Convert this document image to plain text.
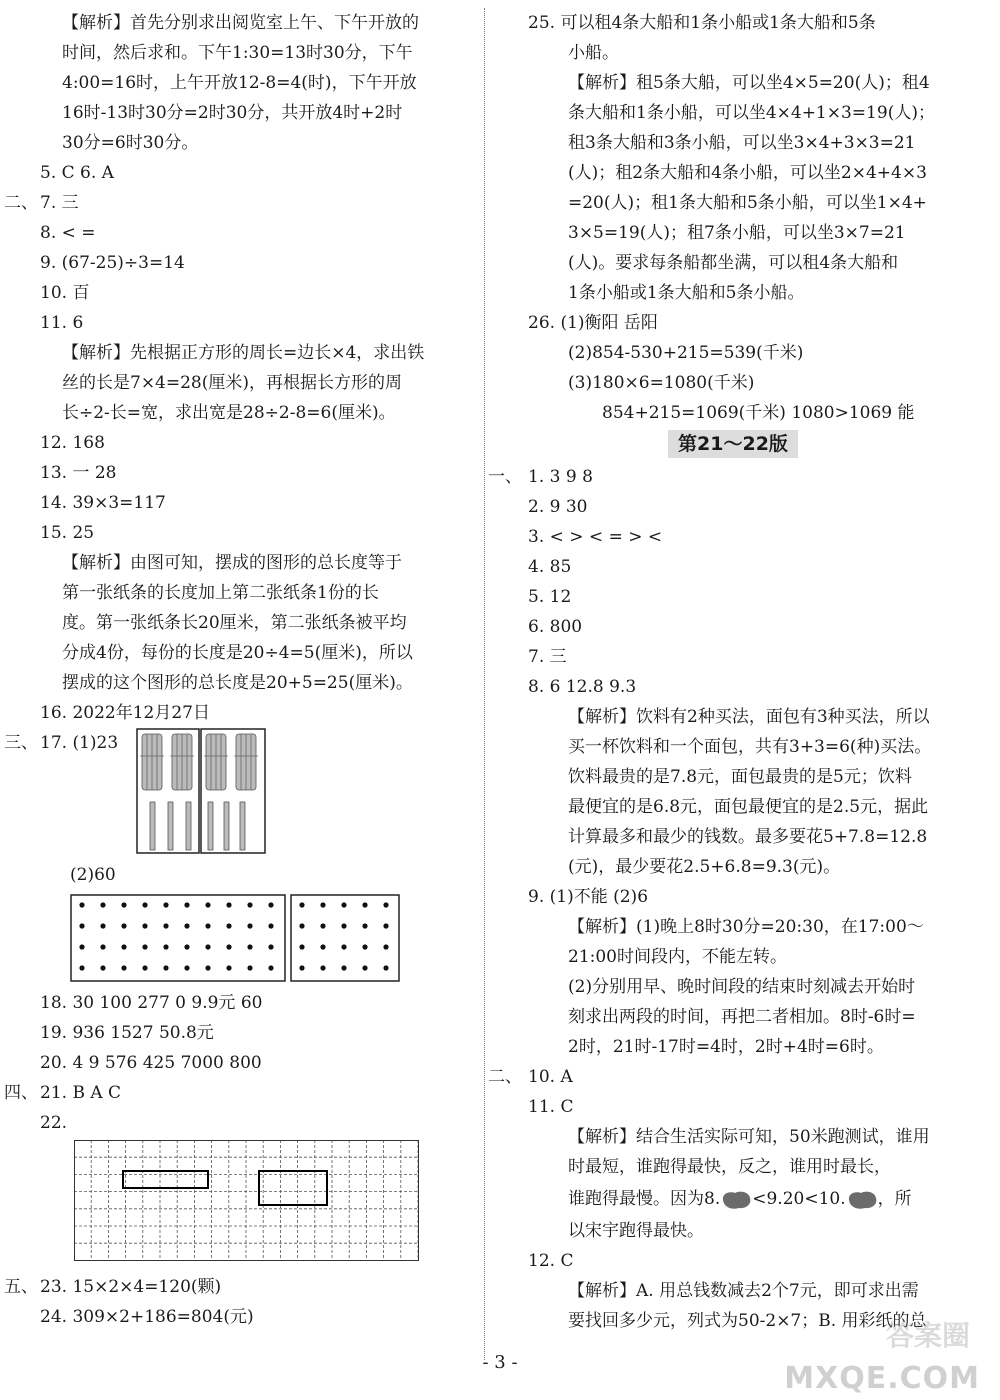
【解析】首先分别求出阅览室上午、下午开放的
时间，然后求和。下午1:30=13时30分，下午
4:00=16时，上午开放12-8=4(时)，下午开放
16时-13时30分=2时30分，共开放4时+2时
30分=6时30分。
5. C 6. A
二、 7. 三
8. < =
9. (67-25)÷3=14
10. 百
11. 6
【解析】先根据正方形的周长=边长×4，求出铁
丝的长是7×4=28(厘米)，再根据长方形的周
长÷2-长=宽，求出宽是28÷2-8=6(厘米)。
12. 168
13. 一 28
14. 39×3=117
15. 25
【解析】由图可知，摆成的图形的总长度等于
第一张纸条的长度加上第二张纸条1份的长
度。第一张纸条长20厘米，第二张纸条被平均
分成4份，每份的长度是20÷4=5(厘米)，所以
摆成的这个图形的总长度是20+5=25(厘米)。
16. 2022年12月27日
三、 17. (1)23
(2)60
18. 30 100 277 0 9.9元 60
19. 936 1527 50.8元
20. 4 9 576 425 7000 800
四、 21. B A C
22.
五、 23. 15×2×4=120(颗)
24. 309×2+186=804(元)
25. 可以租4条大船和1条小船或1条大船和5条
小船。
【解析】租5条大船，可以坐4×5=20(人)；租4
条大船和1条小船，可以坐4×4+1×3=19(人)；
租3条大船和3条小船，可以坐3×4+3×3=21
(人)；租2条大船和4条小船，可以坐2×4+4×3
=20(人)；租1条大船和5条小船，可以坐1×4+
3×5=19(人)；租7条小船，可以坐3×7=21
(人)。要求每条船都坐满，可以租4条大船和
1条小船或1条大船和5条小船。
26. (1)衡阳 岳阳
(2)854-530+215=539(千米)
(3)180×6=1080(千米)
854+215=1069(千米) 1080>1069 能
第21～22版
一、 1. 3 9 8
2. 9 30
3. < > < = > <
4. 85
5. 12
6. 800
7. 三
8. 6 12.8 9.3
【解析】饮料有2种买法，面包有3种买法，所以
买一杯饮料和一个面包，共有3+3=6(种)买法。
饮料最贵的是7.8元，面包最贵的是5元；饮料
最便宜的是6.8元，面包最便宜的是2.5元，据此
计算最多和最少的钱数。最多要花5+7.8=12.8
(元)，最少要花2.5+6.8=9.3(元)。
9. (1)不能 (2)6
【解析】(1)晚上8时30分=20:30，在17:00～
21:00时间段内，不能左转。
(2)分别用早、晚时间段的结束时刻减去开始时
刻求出两段的时间，再把二者相加。8时-6时=
2时，21时-17时=4时，2时+4时=6时。
二、 10. A
11. C
【解析】结合生活实际可知，50米跑测试，谁用
时最短，谁跑得最快，反之，谁用时最长，
谁跑得最慢。因为8. <9.20<10. ，所
以宋宇跑得最快。
12. C
【解析】A. 用总钱数减去2个7元，即可求出需
要找回多少元，列式为50-2×7；B. 用彩纸的总
- 3 -
答案圈
MXQE.COM
